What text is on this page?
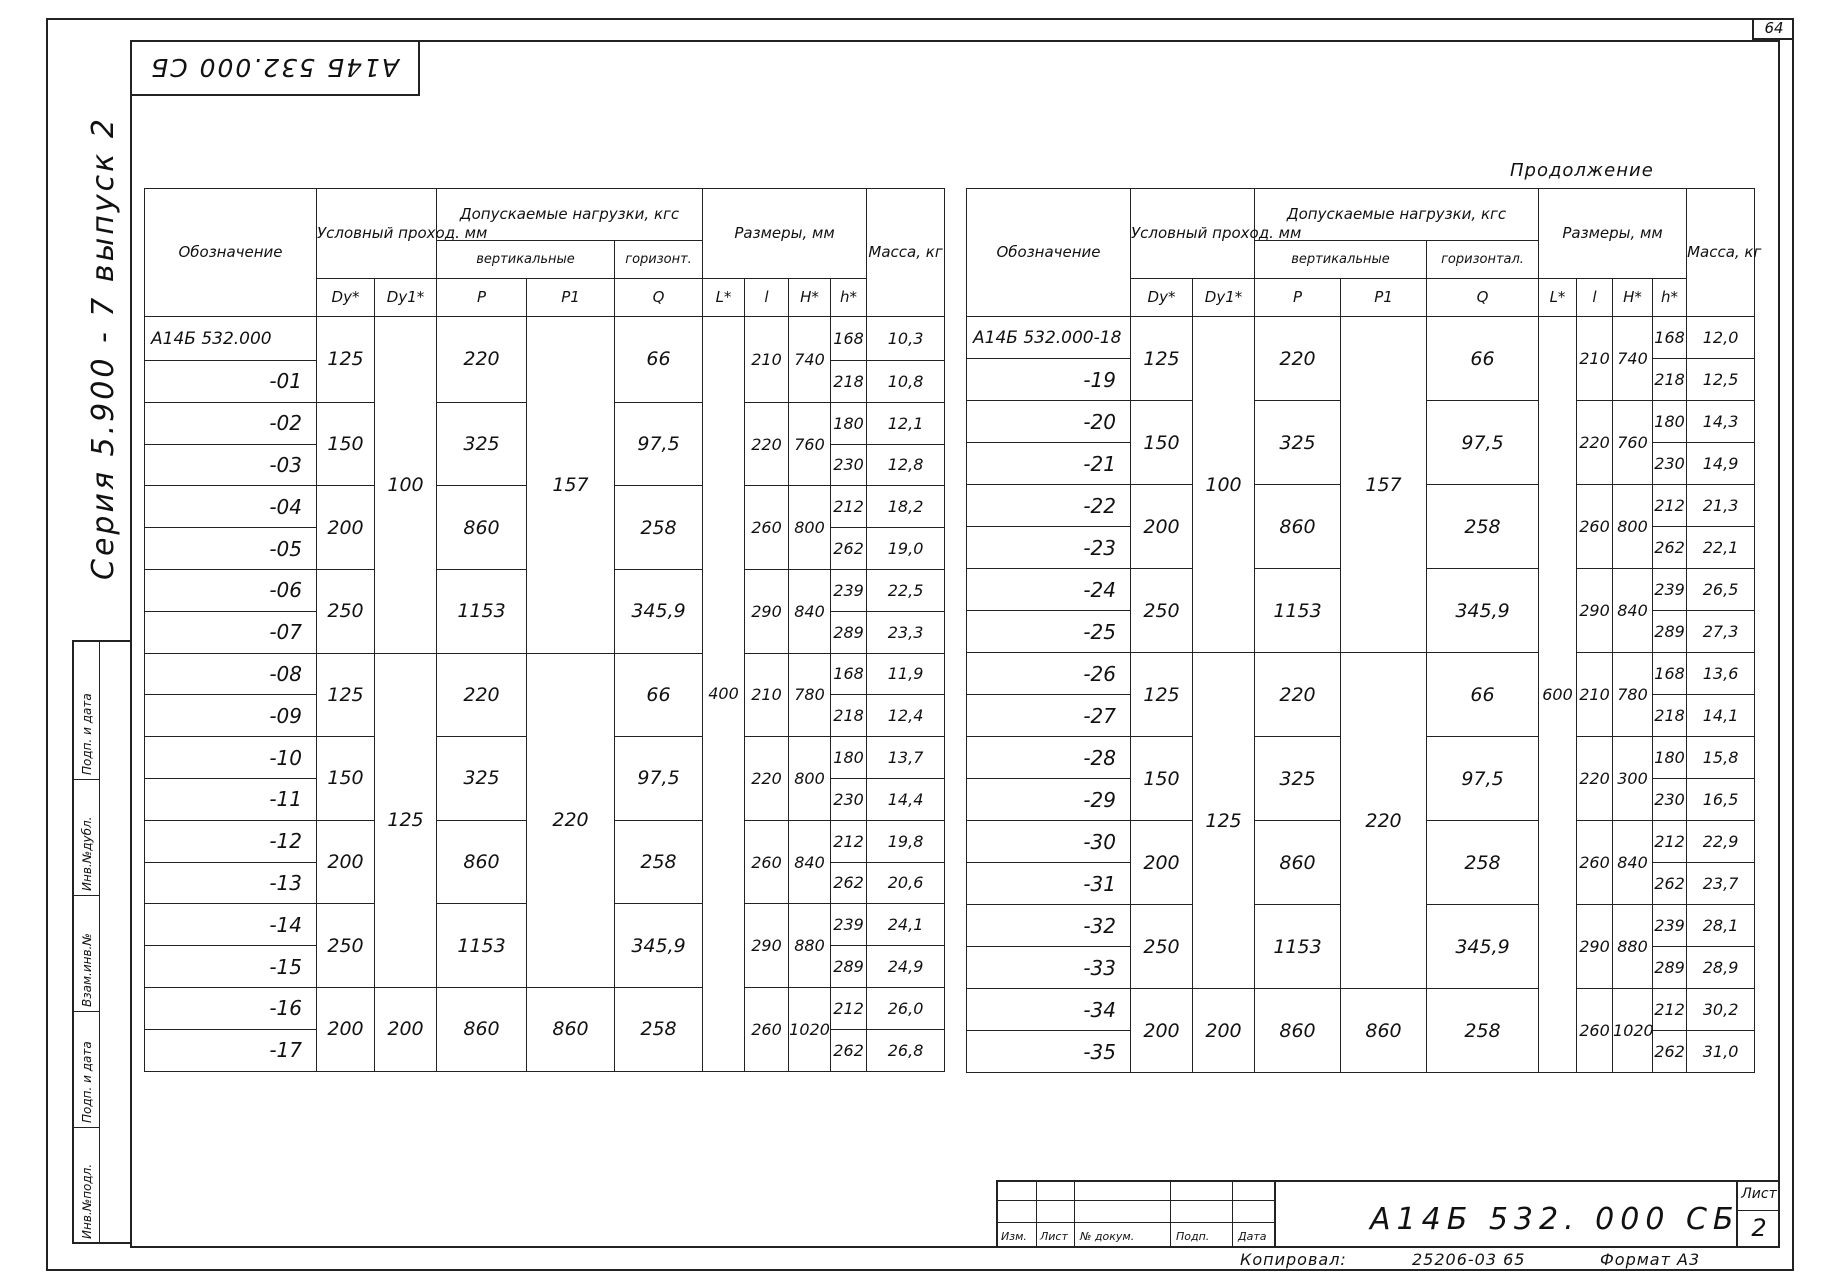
64
А14Б 532.000 СБ
Серия 5.900 - 7 выпуск 2
Инв.№подл.
Подп. и дата
Взам.инв.№
Инв.№дубл.
Подп. и дата
Продолжение
Обозначение	Условный проход. мм		Допускаемые нагрузки, кгс			Размеры, мм				Масса, кг
			вертикальные		горизонт.					
	Dy*	Dy1*	P	P1	Q	L*	l	H*	h*	
А14Б 532.000	125	100	220	157	66	400	210	740	168	10,3
-01									218	10,8
-02	150		325		97,5		220	760	180	12,1
-03									230	12,8
-04	200		860		258		260	800	212	18,2
-05									262	19,0
-06	250		1153		345,9		290	840	239	22,5
-07									289	23,3
-08	125	125	220	220	66		210	780	168	11,9
-09									218	12,4
-10	150		325		97,5		220	800	180	13,7
-11									230	14,4
-12	200		860		258		260	840	212	19,8
-13									262	20,6
-14	250		1153		345,9		290	880	239	24,1
-15									289	24,9
-16	200	200	860	860	258		260	1020	212	26,0
-17									262	26,8
Обозначение	Условный проход. мм		Допускаемые нагрузки, кгс			Размеры, мм				Масса, кг
			вертикальные		горизонтал.					
	Dy*	Dy1*	P	P1	Q	L*	l	H*	h*	
А14Б 532.000-18	125	100	220	157	66	600	210	740	168	12,0
-19									218	12,5
-20	150		325		97,5		220	760	180	14,3
-21									230	14,9
-22	200		860		258		260	800	212	21,3
-23									262	22,1
-24	250		1153		345,9		290	840	239	26,5
-25									289	27,3
-26	125	125	220	220	66		210	780	168	13,6
-27									218	14,1
-28	150		325		97,5		220	300	180	15,8
-29									230	16,5
-30	200		860		258		260	840	212	22,9
-31									262	23,7
-32	250		1153		345,9		290	880	239	28,1
-33									289	28,9
-34	200	200	860	860	258		260	1020	212	30,2
-35									262	31,0
Изм. Лист № докум.	Подп.	Дата	А14Б 532. 000 СБ
Лист
2
Копировал:	25206-03 65	Формат А3
